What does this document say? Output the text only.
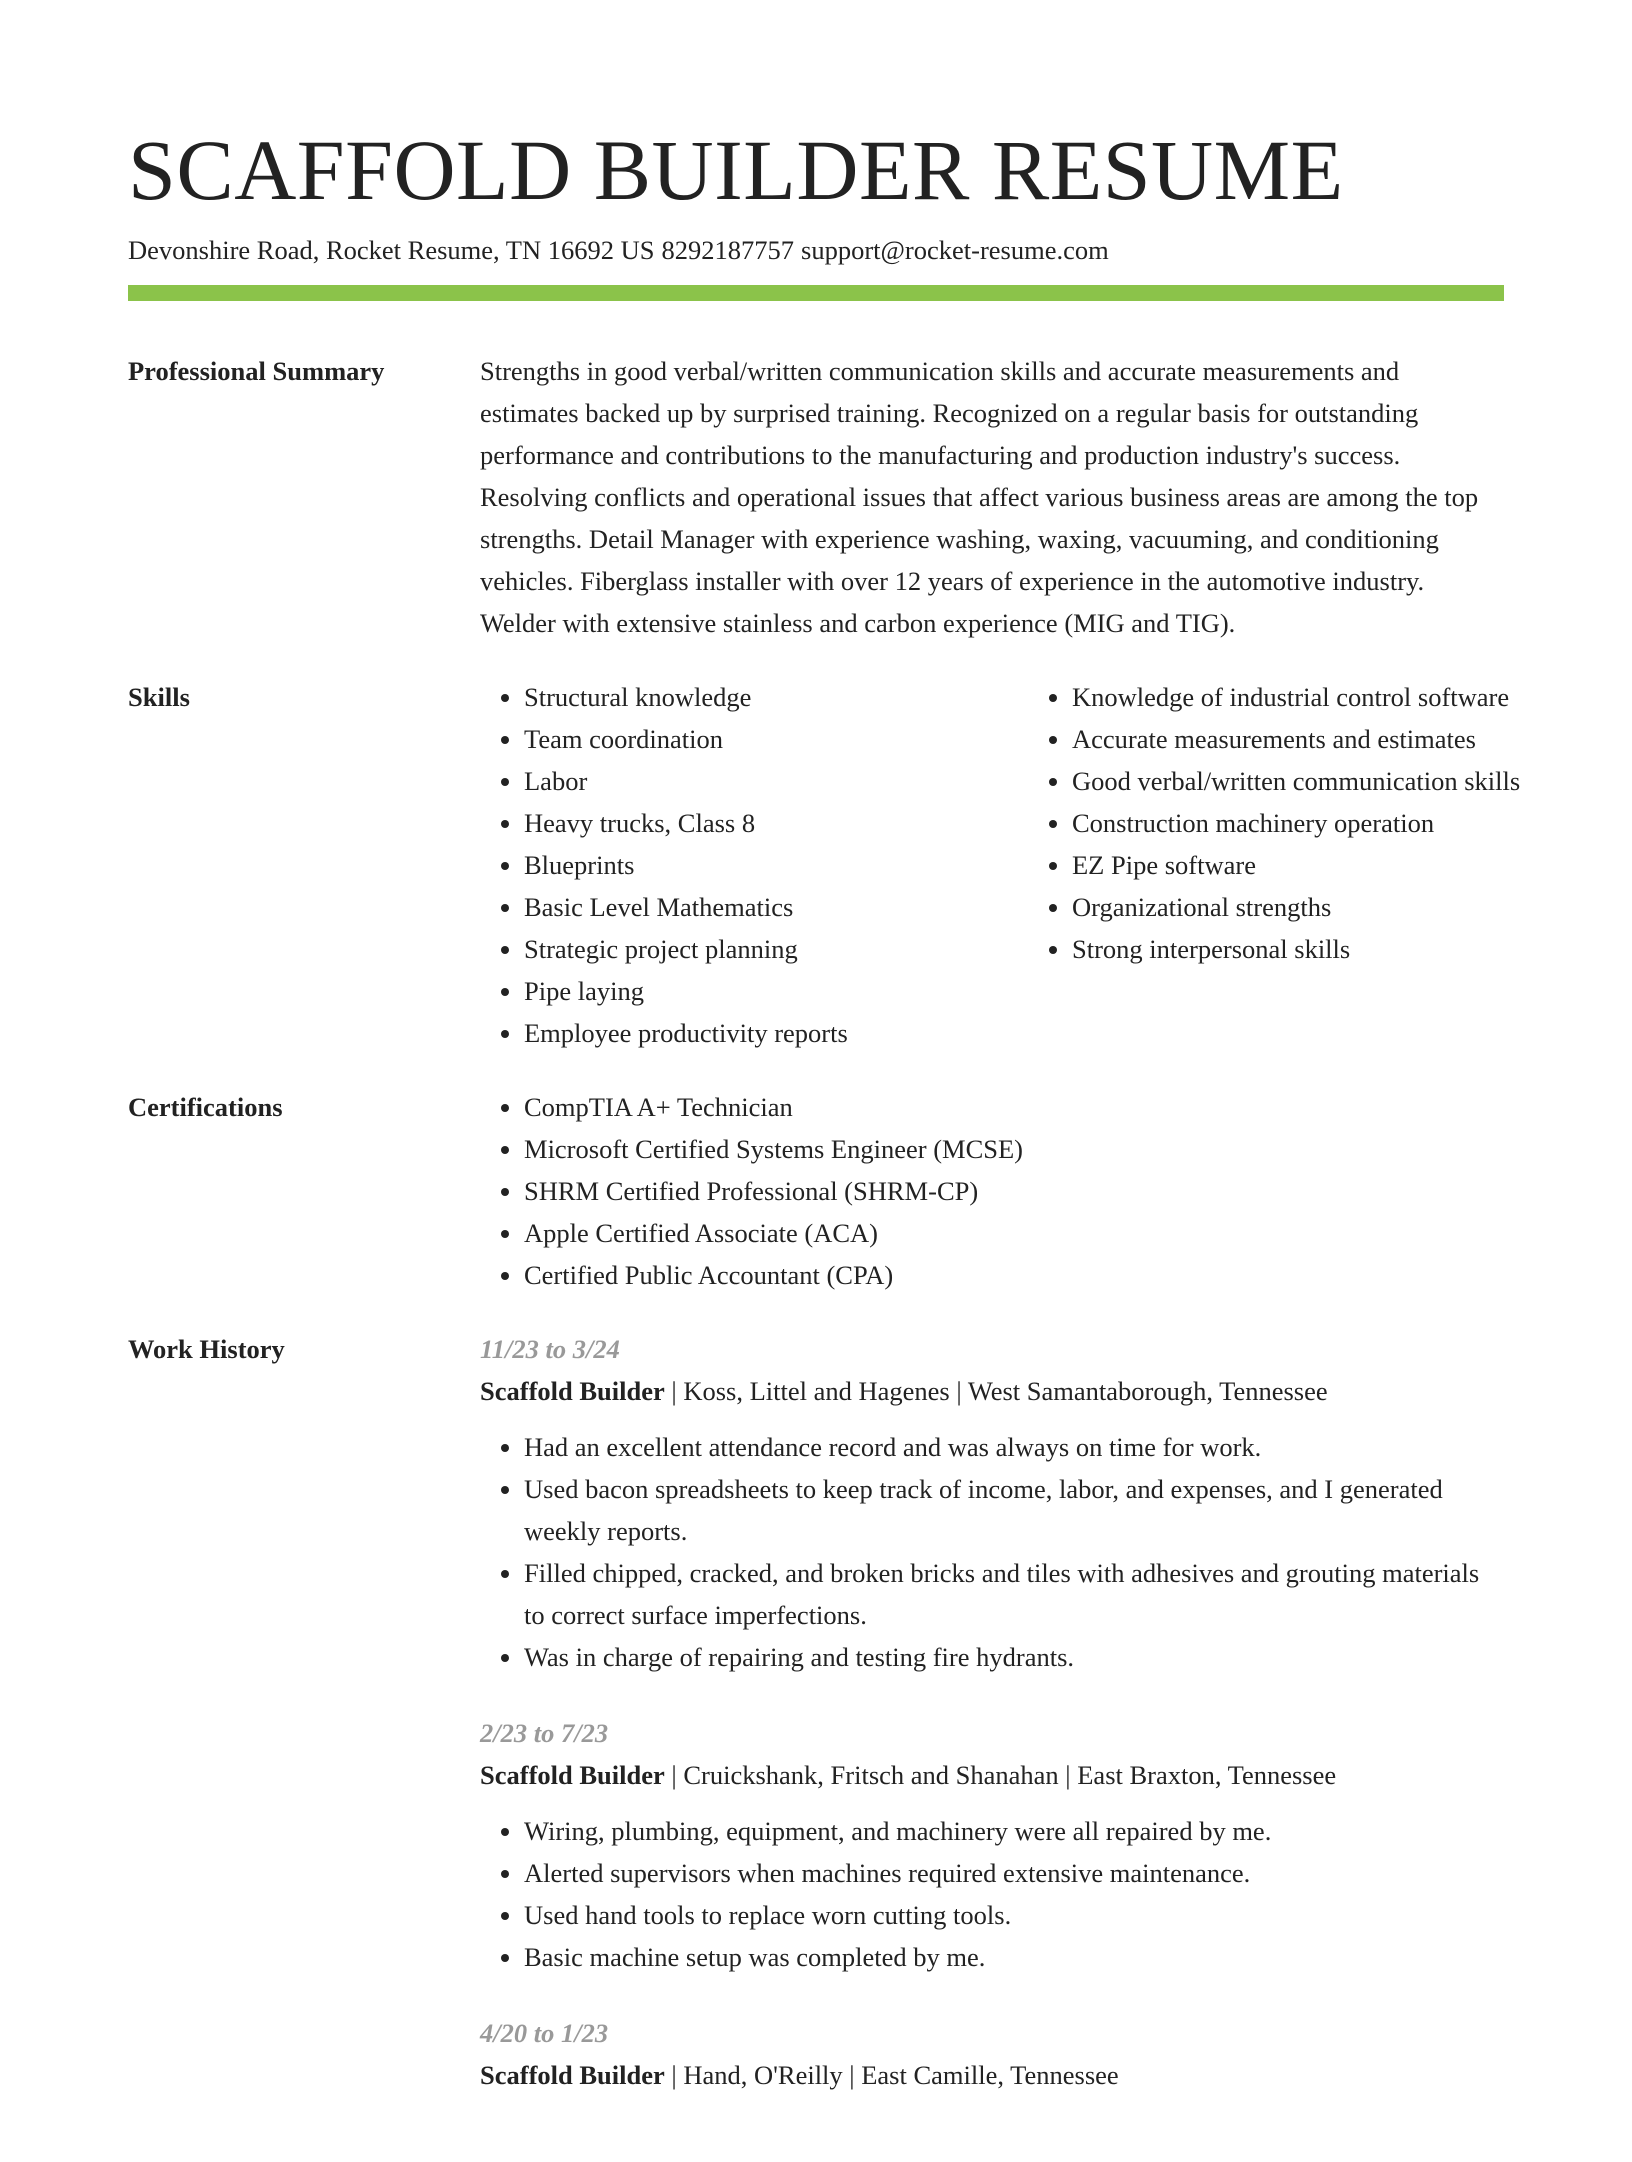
SCAFFOLD BUILDER RESUME
Devonshire Road, Rocket Resume, TN 16692 US 8292187757 support@rocket-resume.com
Professional Summary	Strengths in good verbal/written communication skills and accurate measurements and estimates backed up by surprised training. Recognized on a regular basis for outstanding performance and contributions to the manufacturing and production industry's success. Resolving conflicts and operational issues that affect various business areas are among the top strengths. Detail Manager with experience washing, waxing, vacuuming, and conditioning vehicles. Fiberglass installer with over 12 years of experience in the automotive industry. Welder with extensive stainless and carbon experience (MIG and TIG).

Skills	• Structural knowledge
• Team coordination
• Labor
• Heavy trucks, Class 8
• Blueprints
• Basic Level Mathematics
• Strategic project planning
• Pipe laying
• Employee productivity reports
• Knowledge of industrial control software
• Accurate measurements and estimates
• Good verbal/written communication skills
• Construction machinery operation
• EZ Pipe software
• Organizational strengths
• Strong interpersonal skills
Certifications	• CompTIA A+ Technician
• Microsoft Certified Systems Engineer (MCSE)
• SHRM Certified Professional (SHRM-CP)
• Apple Certified Associate (ACA)
• Certified Public Accountant (CPA)
Work History	11/23 to 3/24
Scaffold Builder | Koss, Littel and Hagenes | West Samantaborough, Tennessee
• Had an excellent attendance record and was always on time for work.
• Used bacon spreadsheets to keep track of income, labor, and expenses, and I generated weekly reports.
• Filled chipped, cracked, and broken bricks and tiles with adhesives and grouting materials to correct surface imperfections.
• Was in charge of repairing and testing fire hydrants.
2/23 to 7/23
Scaffold Builder | Cruickshank, Fritsch and Shanahan | East Braxton, Tennessee
• Wiring, plumbing, equipment, and machinery were all repaired by me.
• Alerted supervisors when machines required extensive maintenance.
• Used hand tools to replace worn cutting tools.
• Basic machine setup was completed by me.
4/20 to 1/23
Scaffold Builder | Hand, O'Reilly | East Camille, Tennessee
